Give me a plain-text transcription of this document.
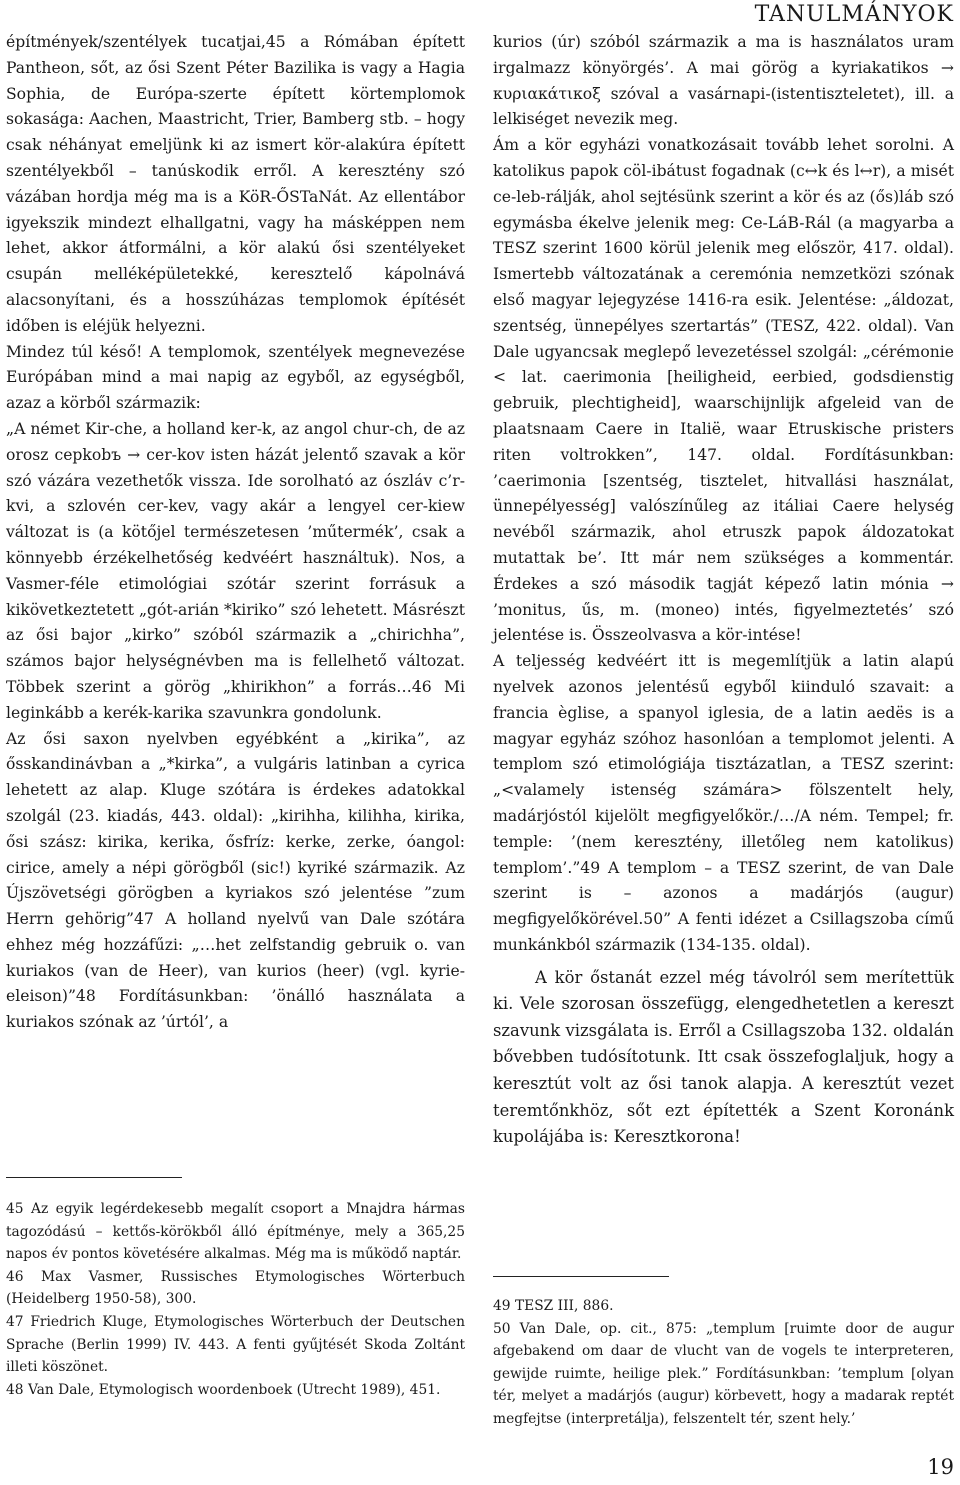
TANULMÁNYOK

építmények/szentélyek tucatjai,45 a Rómában épített Pantheon, sőt, az ősi Szent Péter Bazilika is vagy a Hagia Sophia, de Európa-szerte épített körtemplomok sokasága: Aachen, Maastricht, Trier, Bamberg stb. – hogy csak néhányat emeljünk ki az ismert kör-alakúra épített szentélyekből – tanúskodik erről. A keresztény szó vázában hordja még ma is a KöR-ŐSTaNát. Az ellentábor igyekszik mindezt elhallgatni, vagy ha másképpen nem lehet, akkor átformálni, a kör alakú ősi szentélyeket csupán melléképületekké, keresztelő kápolnává alacsonyítani, és a hosszúházas templomok építését időben is eléjük helyezni.

Mindez túl késő! A templomok, szentélyek megnevezése Európában mind a mai napig az egyből, az egységből, azaz a körből származik:

„A német Kir-che, a holland ker-k, az angol chur-ch, de az orosz cepkobъ → cer-kov isten házát jelentő szavak a kör szó vázára vezethetők vissza. Ide sorolható az ószláv c’r-kvi, a szlovén cer-kev, vagy akár a lengyel cer-kiew változat is (a kötőjel természetesen ’műtermék’, csak a könnyebb érzékelhetőség kedvéért használtuk). Nos, a Vasmer-féle etimológiai szótár szerint forrásuk a kikövetkeztetett „gót-arián *kiriko” szó lehetett. Másrészt az ősi bajor „kirko” szóból származik a „chirichha”, számos bajor helységnévben ma is fellelhető változat. Többek szerint a görög „khirikhon” a forrás…46 Mi leginkább a kerék-karika szavunkra gondolunk.

Az ősi saxon nyelvben egyébként a „kirika”, az ősskandinávban a „*kirka”, a vulgáris latinban a cyrica lehetett az alap. Kluge szótára is érdekes adatokkal szolgál (23. kiadás, 443. oldal): „kirihha, kilihha, kirika, ősi szász: kirika, kerika, ősfríz: kerke, zerke, óangol: cirice, amely a népi görögből (sic!) kyriké származik. Az Újszövetségi görögben a kyriakos szó jelentése ”zum Herrn gehörig”47 A holland nyelvű van Dale szótára ehhez még hozzáfűzi: „…het zelfstandig gebruik o. van kuriakos (van de Heer), van kurios (heer) (vgl. kyrie-eleison)”48 Fordításunkban: ’önálló használata a kuriakos szónak az ’úrtól’, a

45 Az egyik legérdekesebb megalít csoport a Mnajdra hármas tagozódású – kettős-körökből álló építménye, mely a 365,25 napos év pontos követésére alkalmas. Még ma is működő naptár.

46 Max Vasmer, Russisches Etymologisches Wörterbuch (Heidelberg 1950-58), 300.

47 Friedrich Kluge, Etymologisches Wörterbuch der Deutschen Sprache (Berlin 1999) IV. 443. A fenti gyűjtését Skoda Zoltánt illeti köszönet.

48 Van Dale, Etymologisch woordenboek (Utrecht 1989), 451.

kurios (úr) szóból származik a ma is használatos uram irgalmazz könyörgés’. A mai görög a kyriakatikos → κυριακάτικοξ szóval a vasárnapi-(istentiszteletet), ill. a lelkiséget nevezik meg.

Ám a kör egyházi vonatkozásait tovább lehet sorolni. A katolikus papok cöl-ibátust fogadnak (c↔k és l↔r), a misét ce-leb-rálják, ahol sejtésünk szerint a kör és az (ős)láb szó egymásba ékelve jelenik meg: Ce-LáB-Rál (a magyarba a TESZ szerint 1600 körül jelenik meg először, 417. oldal). Ismertebb változatának a ceremónia nemzetközi szónak első magyar lejegyzése 1416-ra esik. Jelentése: „áldozat, szentség, ünnepélyes szertartás” (TESZ, 422. oldal). Van Dale ugyancsak meglepő levezetéssel szolgál: „cérémonie < lat. caerimonia [heiligheid, eerbied, godsdienstig gebruik, plechtigheid], waarschijnlijk afgeleid van de plaatsnaam Caere in Italië, waar Etruskische pristers riten voltrokken”, 147. oldal. Fordításunkban: ’caerimonia [szentség, tisztelet, hitvallási használat, ünnepélyesség] valószínűleg az itáliai Caere helység nevéből származik, ahol etruszk papok áldozatokat mutattak be’. Itt már nem szükséges a kommentár. Érdekes a szó második tagját képező latin mónia → ’monitus, űs, m. (moneo) intés, figyelmeztetés’ szó jelentése is. Összeolvasva a kör-intése!

A teljesség kedvéért itt is megemlítjük a latin alapú nyelvek azonos jelentésű egyből kiinduló szavait: a francia èglise, a spanyol iglesia, de a latin aedës is a magyar egyház szóhoz hasonlóan a templomot jelenti. A templom szó etimológiája tisztázatlan, a TESZ szerint: „<valamely istenség számára> fölszentelt hely, madárjóstól kijelölt megfigyelőkör./…/A ném. Tempel; fr. temple: ’(nem keresztény, illetőleg nem katolikus) templom’.”49 A templom – a TESZ szerint, de van Dale szerint is – azonos a madárjós (augur) megfigyelőkörével.50” A fenti idézet a Csillagszoba című munkánkból származik (134-135. oldal).

A kör őstanát ezzel még távolról sem merítettük ki. Vele szorosan összefügg, elengedhetetlen a kereszt szavunk vizsgálata is. Erről a Csillagszoba 132. oldalán bővebben tudósítotunk. Itt csak összefoglaljuk, hogy a keresztút volt az ősi tanok alapja. A keresztút vezet teremtőnkhöz, sőt ezt építették a Szent Koronánk kupolájába is: Keresztkorona!

49 TESZ III, 886.

50 Van Dale, op. cit., 875: „templum [ruimte door de augur afgebakend om daar de vlucht van de vogels te interpreteren, gewijde ruimte, heilige plek.” Fordításunkban: ’templum [olyan tér, melyet a madárjós (augur) körbevett, hogy a madarak reptét megfejtse (interpretálja), felszentelt tér, szent hely.’

19
